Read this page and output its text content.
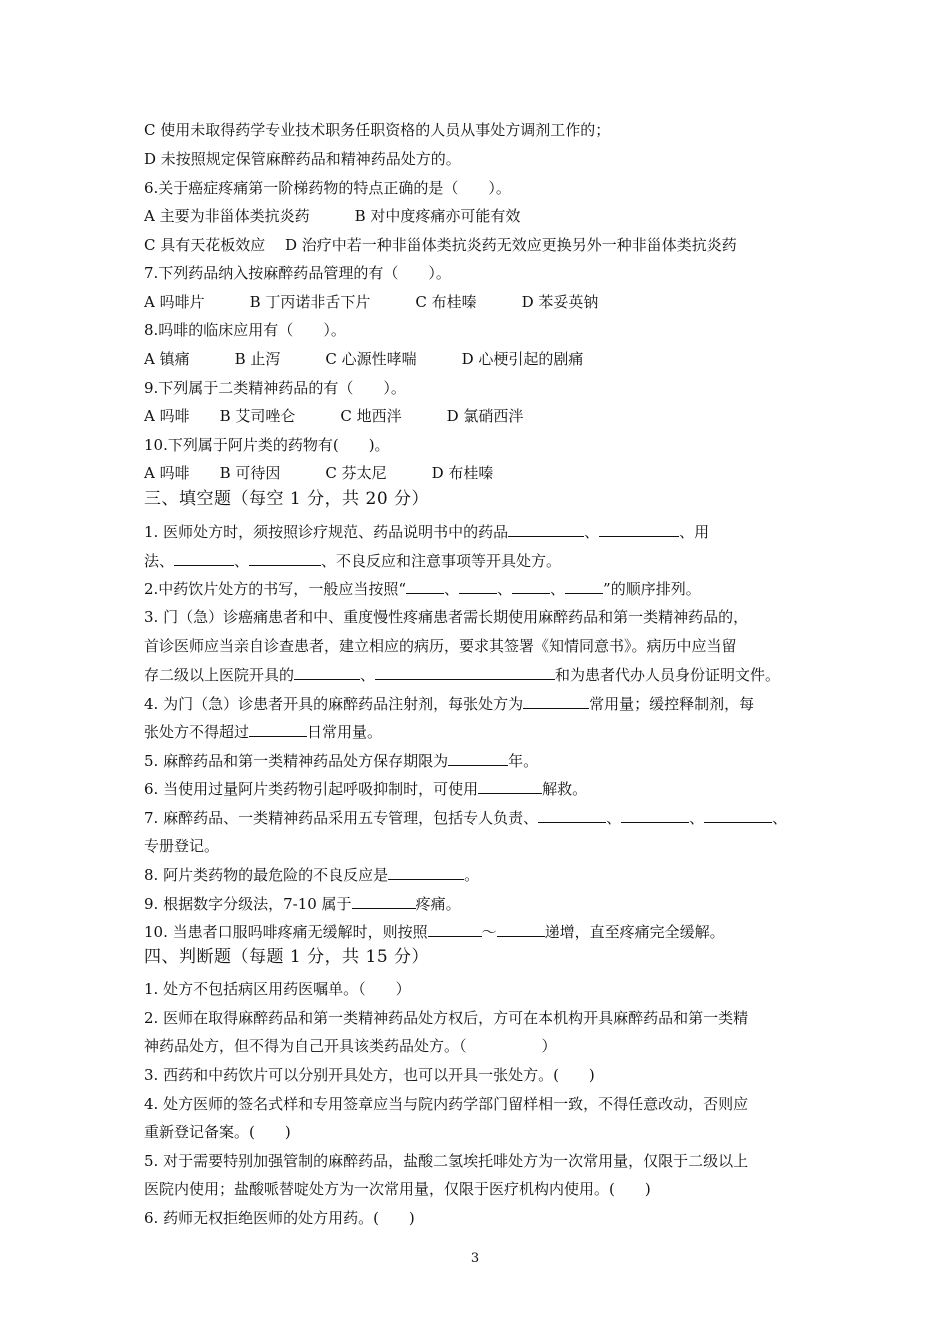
C 使用未取得药学专业技术职务任职资格的人员从事处方调剂工作的；
D 未按照规定保管麻醉药品和精神药品处方的。
6.关于癌症疼痛第一阶梯药物的特点正确的是（　　）。
A 主要为非甾体类抗炎药　　　B 对中度疼痛亦可能有效
C 具有天花板效应　 D 治疗中若一种非甾体类抗炎药无效应更换另外一种非甾体类抗炎药
7.下列药品纳入按麻醉药品管理的有（　　）。
A 吗啡片　　　B 丁丙诺非舌下片　　　C 布桂嗪　　　D 苯妥英钠
8.吗啡的临床应用有（　　）。
A 镇痛　　　B 止泻　　　C 心源性哮喘　　　D 心梗引起的剧痛
9.下列属于二类精神药品的有（　　）。
A 吗啡　　B 艾司唑仑　　　C 地西泮　　　D 氯硝西泮
10.下列属于阿片类的药物有(　　)。
A 吗啡　　B 可待因　　　C 芬太尼　　　D 布桂嗪
三、填空题（每空 1 分，共 20 分）
1. 医师处方时，须按照诊疗规范、药品说明书中的药品	、	、用
法、	、	、不良反应和注意事项等开具处方。
2.中药饮片处方的书写，一般应当按照“	、	、	、	”的顺序排列。
3. 门（急）诊癌痛患者和中、重度慢性疼痛患者需长期使用麻醉药品和第一类精神药品的，
首诊医师应当亲自诊查患者，建立相应的病历，要求其签署《知情同意书》。病历中应当留
存二级以上医院开具的	、	和为患者代办人员身份证明文件。
4. 为门（急）诊患者开具的麻醉药品注射剂，每张处方为	常用量；缓控释制剂，每
张处方不得超过	日常用量。
5. 麻醉药品和第一类精神药品处方保存期限为	年。
6. 当使用过量阿片类药物引起呼吸抑制时，可使用	解救。
7. 麻醉药品、一类精神药品采用五专管理，包括专人负责、	、	、	、
专册登记。
8. 阿片类药物的最危险的不良反应是	。
9. 根据数字分级法，7-10 属于	疼痛。
10. 当患者口服吗啡疼痛无缓解时，则按照	～	递增，直至疼痛完全缓解。
四、判断题（每题 1 分，共 15 分）
1. 处方不包括病区用药医嘱单。（　　）
2. 医师在取得麻醉药品和第一类精神药品处方权后，方可在本机构开具麻醉药品和第一类精
神药品处方，但不得为自己开具该类药品处方。（　　　　　）
3. 西药和中药饮片可以分别开具处方，也可以开具一张处方。(　　)
4. 处方医师的签名式样和专用签章应当与院内药学部门留样相一致，不得任意改动，否则应
重新登记备案。(　　)
5. 对于需要特别加强管制的麻醉药品，盐酸二氢埃托啡处方为一次常用量，仅限于二级以上
医院内使用；盐酸哌替啶处方为一次常用量，仅限于医疗机构内使用。(　　)
6. 药师无权拒绝医师的处方用药。(　　)
3
